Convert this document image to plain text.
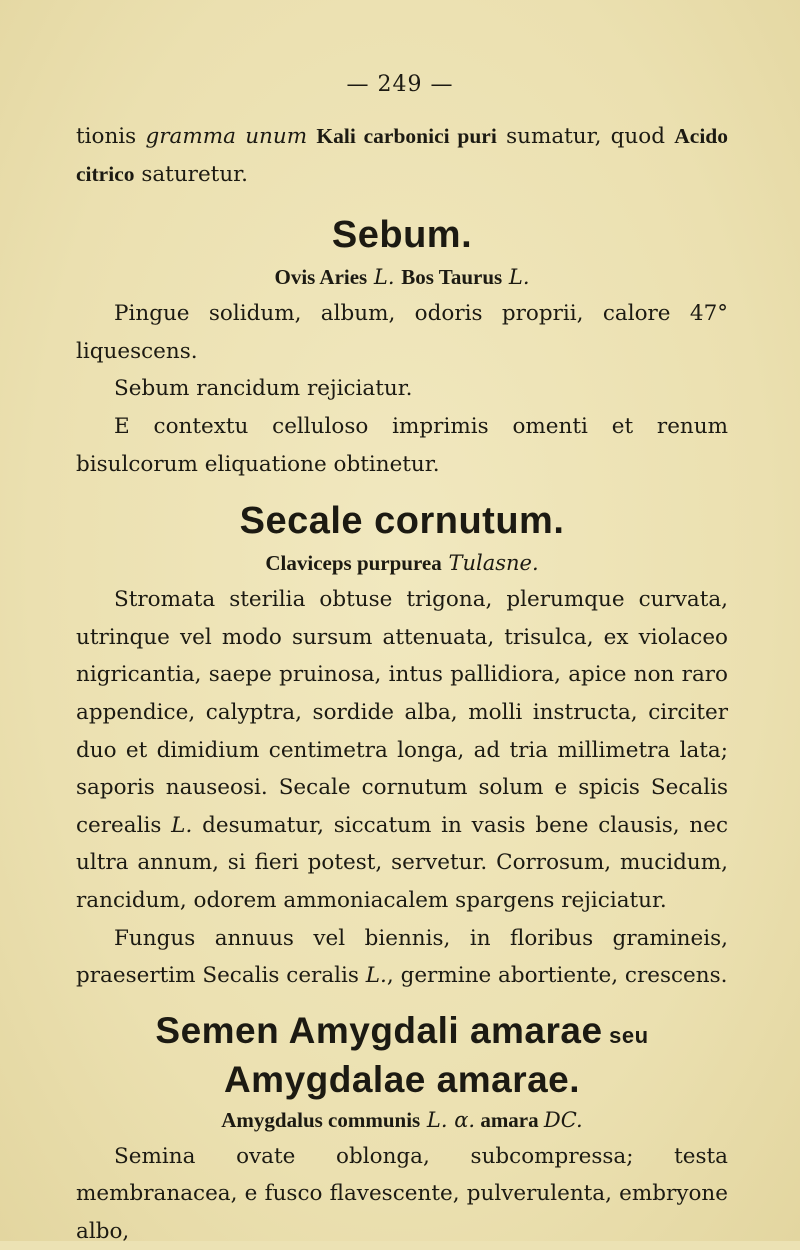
— 249 —

tionis gramma unum Kali carbonici puri sumatur, quod Acido citrico saturetur.

Sebum.
Ovis Aries L. Bos Taurus L.

Pingue solidum, album, odoris proprii, calore 47° liquescens.

Sebum rancidum rejiciatur.

E contextu celluloso imprimis omenti et renum bisulcorum eliquatione obtinetur.

Secale cornutum.
Claviceps purpurea Tulasne.

Stromata sterilia obtuse trigona, plerumque curvata, utrinque vel modo sursum attenuata, trisulca, ex violaceo nigricantia, saepe pruinosa, intus pallidiora, apice non raro appendice, calyptra, sordide alba, molli instructa, circiter duo et dimidium centimetra longa, ad tria millimetra lata; saporis nauseosi. Secale cornutum solum e spicis Secalis cerealis L. desumatur, siccatum in vasis bene clausis, nec ultra annum, si fieri potest, servetur. Corrosum, mucidum, rancidum, odorem ammoniacalem spargens rejiciatur.

Fungus annuus vel biennis, in floribus gramineis, praesertim Secalis ceralis L., germine abortiente, crescens.

Semen Amygdali amarae seu Amygdalae amarae.
Amygdalus communis L. α. amara DC.

Semina ovate oblonga, subcompressa; testa membranacea, e fusco flavescente, pulverulenta, embryone albo,
